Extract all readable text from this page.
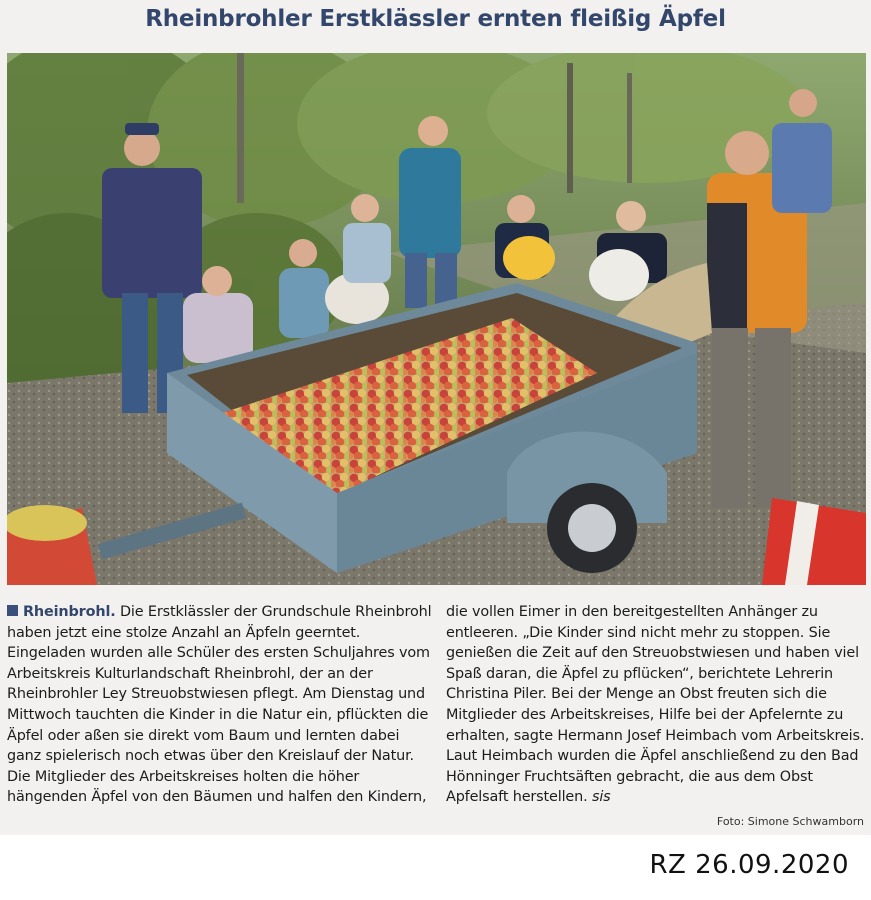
Rheinbrohler Erstklässler ernten fleißig Äpfel

Rheinbrohl. Die Erstklässler der Grundschule Rheinbrohl haben jetzt eine stolze Anzahl an Äpfeln geerntet. Eingeladen wurden alle Schüler des ersten Schuljahres vom Arbeitskreis Kulturlandschaft Rheinbrohl, der an der Rheinbrohler Ley Streuobstwiesen pflegt. Am Dienstag und Mittwoch tauchten die Kinder in die Natur ein, pflückten die Äpfel oder aßen sie direkt vom Baum und lernten dabei ganz spielerisch noch etwas über den Kreislauf der Natur. Die Mitglieder des Arbeitskreises holten die höher hängenden Äpfel von den Bäumen und halfen den Kindern,

die vollen Eimer in den bereitgestellten Anhänger zu entleeren. „Die Kinder sind nicht mehr zu stoppen. Sie genießen die Zeit auf den Streuobstwiesen und haben viel Spaß daran, die Äpfel zu pflücken“, berichtete Lehrerin Christina Piler. Bei der Menge an Obst freuten sich die Mitglieder des Arbeitskreises, Hilfe bei der Apfelernte zu erhalten, sagte Hermann Josef Heimbach vom Arbeitskreis. Laut Heimbach wurden die Äpfel anschließend zu den Bad Hönninger Fruchtsäften gebracht, die aus dem Obst Apfelsaft herstellen. sis

Foto: Simone Schwamborn
RZ 26.09.2020
